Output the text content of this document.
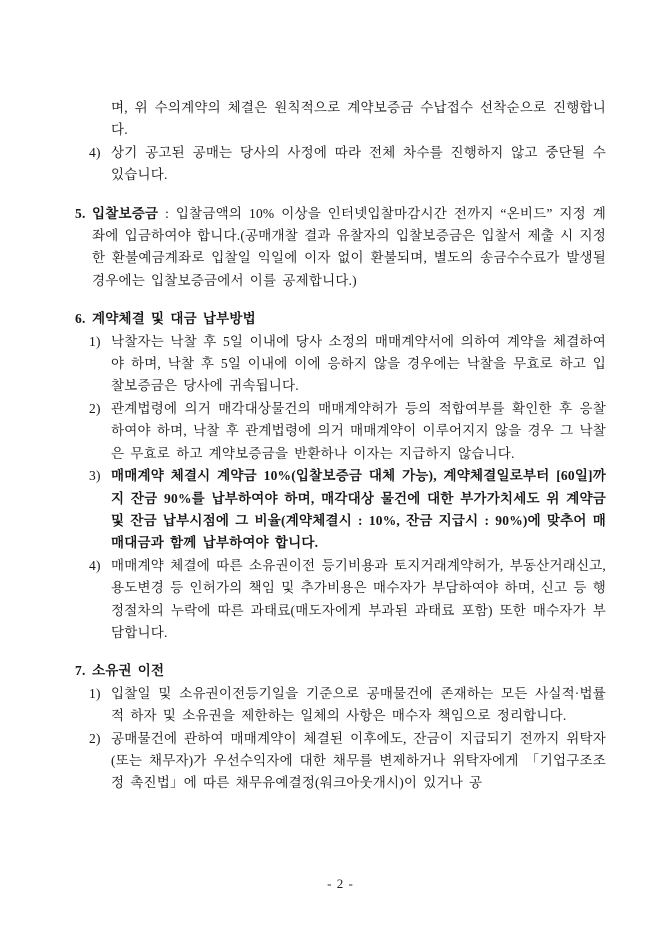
며, 위 수의계약의 체결은 원칙적으로 계약보증금 수납접수 선착순으로 진행합니다.
4) 상기 공고된 공매는 당사의 사정에 따라 전체 차수를 진행하지 않고 중단될 수 있습니다.
5. 입찰보증금 : 입찰금액의 10% 이상을 인터넷입찰마감시간 전까지 “온비드” 지정 계좌에 입금하여야 합니다.(공매개찰 결과 유찰자의 입찰보증금은 입찰서 제출 시 지정한 환불예금계좌로 입찰일 익일에 이자 없이 환불되며, 별도의 송금수수료가 발생될 경우에는 입찰보증금에서 이를 공제합니다.)
6. 계약체결 및 대금 납부방법
1) 낙찰자는 낙찰 후 5일 이내에 당사 소정의 매매계약서에 의하여 계약을 체결하여야 하며, 낙찰 후 5일 이내에 이에 응하지 않을 경우에는 낙찰을 무효로 하고 입찰보증금은 당사에 귀속됩니다.
2) 관계법령에 의거 매각대상물건의 매매계약허가 등의 적합여부를 확인한 후 응찰하여야 하며, 낙찰 후 관계법령에 의거 매매계약이 이루어지지 않을 경우 그 낙찰은 무효로 하고 계약보증금을 반환하나 이자는 지급하지 않습니다.
3) 매매계약 체결시 계약금 10%(입찰보증금 대체 가능), 계약체결일로부터 [60일]까지 잔금 90%를 납부하여야 하며, 매각대상 물건에 대한 부가가치세도 위 계약금 및 잔금 납부시점에 그 비율(계약체결시 : 10%, 잔금 지급시 : 90%)에 맞추어 매매대금과 함께 납부하여야 합니다.
4) 매매계약 체결에 따른 소유권이전 등기비용과 토지거래계약허가, 부동산거래신고, 용도변경 등 인허가의 책임 및 추가비용은 매수자가 부담하여야 하며, 신고 등 행정절차의 누락에 따른 과태료(매도자에게 부과된 과태료 포함) 또한 매수자가 부담합니다.
7. 소유권 이전
1) 입찰일 및 소유권이전등기일을 기준으로 공매물건에 존재하는 모든 사실적·법률적 하자 및 소유권을 제한하는 일체의 사항은 매수자 책임으로 정리합니다.
2) 공매물건에 관하여 매매계약이 체결된 이후에도, 잔금이 지급되기 전까지 위탁자(또는 채무자)가 우선수익자에 대한 채무를 변제하거나 위탁자에게 「기업구조조정 촉진법」에 따른 채무유예결정(워크아웃개시)이 있거나 공
- 2 -
